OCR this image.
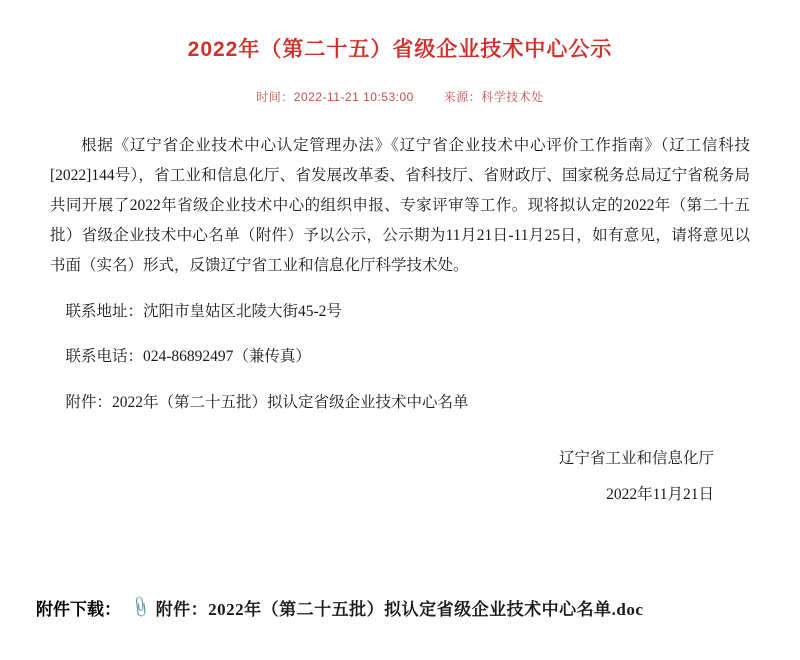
2022年（第二十五）省级企业技术中心公示
时间：2022-11-21 10:53:00 来源：科学技术处

根据《辽宁省企业技术中心认定管理办法》《辽宁省企业技术中心评价工作指南》（辽工信科技[2022]144号），省工业和信息化厅、省发展改革委、省科技厅、省财政厅、国家税务总局辽宁省税务局共同开展了2022年省级企业技术中心的组织申报、专家评审等工作。现将拟认定的2022年（第二十五批）省级企业技术中心名单（附件）予以公示，公示期为11月21日-11月25日，如有意见，请将意见以书面（实名）形式，反馈辽宁省工业和信息化厅科学技术处。

联系地址：沈阳市皇姑区北陵大街45-2号

联系电话：024-86892497（兼传真）

附件：2022年（第二十五批）拟认定省级企业技术中心名单

辽宁省工业和信息化厅
2022年11月21日
附件下载： 📎 附件：2022年（第二十五批）拟认定省级企业技术中心名单.doc
